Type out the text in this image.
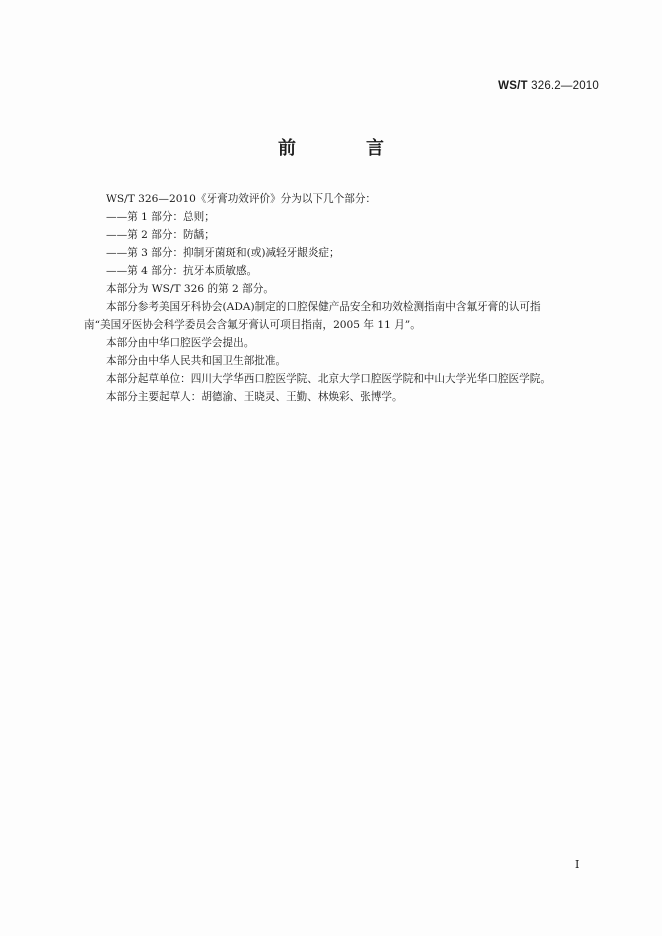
WS/T 326.2—2010
前　言
WS/T 326—2010《牙膏功效评价》分为以下几个部分：
——第 1 部分：总则；
——第 2 部分：防龋；
——第 3 部分：抑制牙菌斑和(或)减轻牙龈炎症；
——第 4 部分：抗牙本质敏感。
本部分为 WS/T 326 的第 2 部分。
本部分参考美国牙科协会(ADA)制定的口腔保健产品安全和功效检测指南中含氟牙膏的认可指
南“美国牙医协会科学委员会含氟牙膏认可项目指南，2005 年 11 月”。
本部分由中华口腔医学会提出。
本部分由中华人民共和国卫生部批准。
本部分起草单位：四川大学华西口腔医学院、北京大学口腔医学院和中山大学光华口腔医学院。
本部分主要起草人：胡德渝、王晓灵、王勤、林焕彩、张博学。
I
